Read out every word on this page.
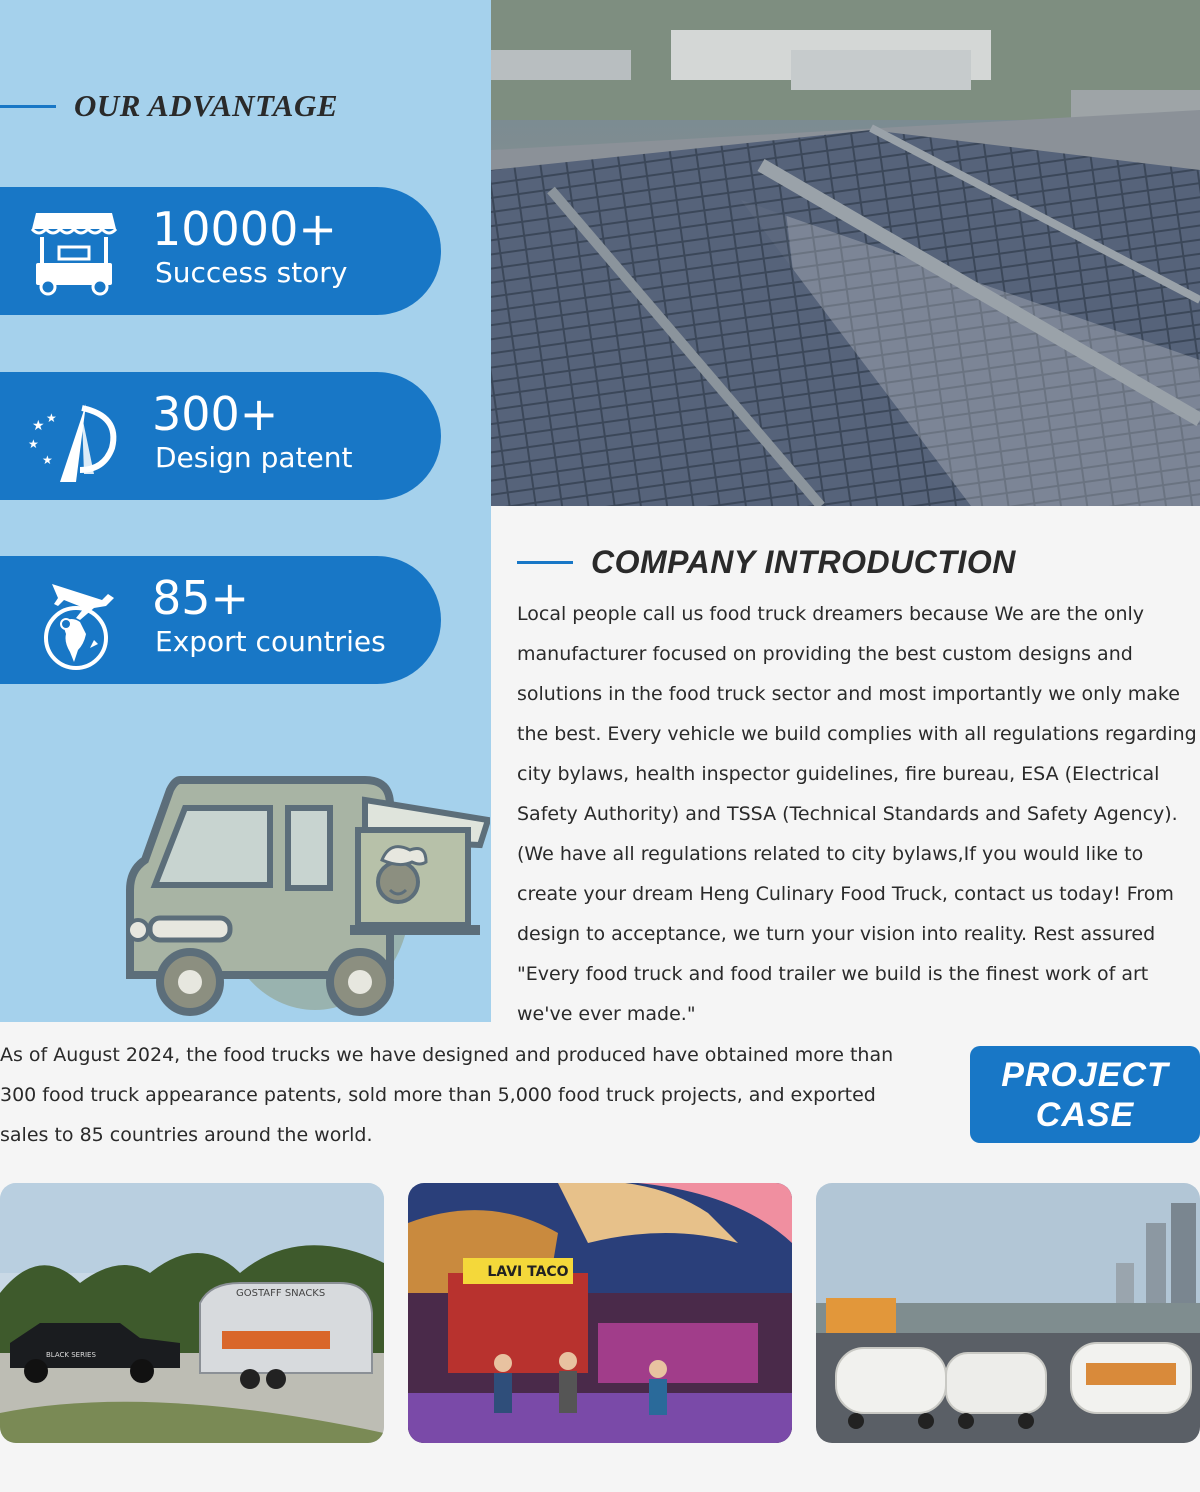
OUR ADVANTAGE
10000+
Success story
★ ★
★
★
300+
Design patent
85+
Export countries
COMPANY INTRODUCTION

Local people call us food truck dreamers because We are the only manufacturer focused on providing the best custom designs and solutions in the food truck sector and most importantly we only make the best. Every vehicle we build complies with all regulations regarding city bylaws, health inspector guidelines, fire bureau, ESA (Electrical Safety Authority) and TSSA (Technical Standards and Safety Agency). (We have all regulations related to city bylaws,If you would like to create your dream Heng Culinary Food Truck, contact us today! From design to acceptance, we turn your vision into reality. Rest assured "Every food truck and food trailer we build is the finest work of art we've ever made."

As of August 2024, the food trucks we have designed and produced have obtained more than 300 food truck appearance patents, sold more than 5,000 food truck projects, and exported sales to 85 countries around the world.

PROJECT
CASE
GOSTAFF SNACKS
BLACK SERIES
LAVI TACO
